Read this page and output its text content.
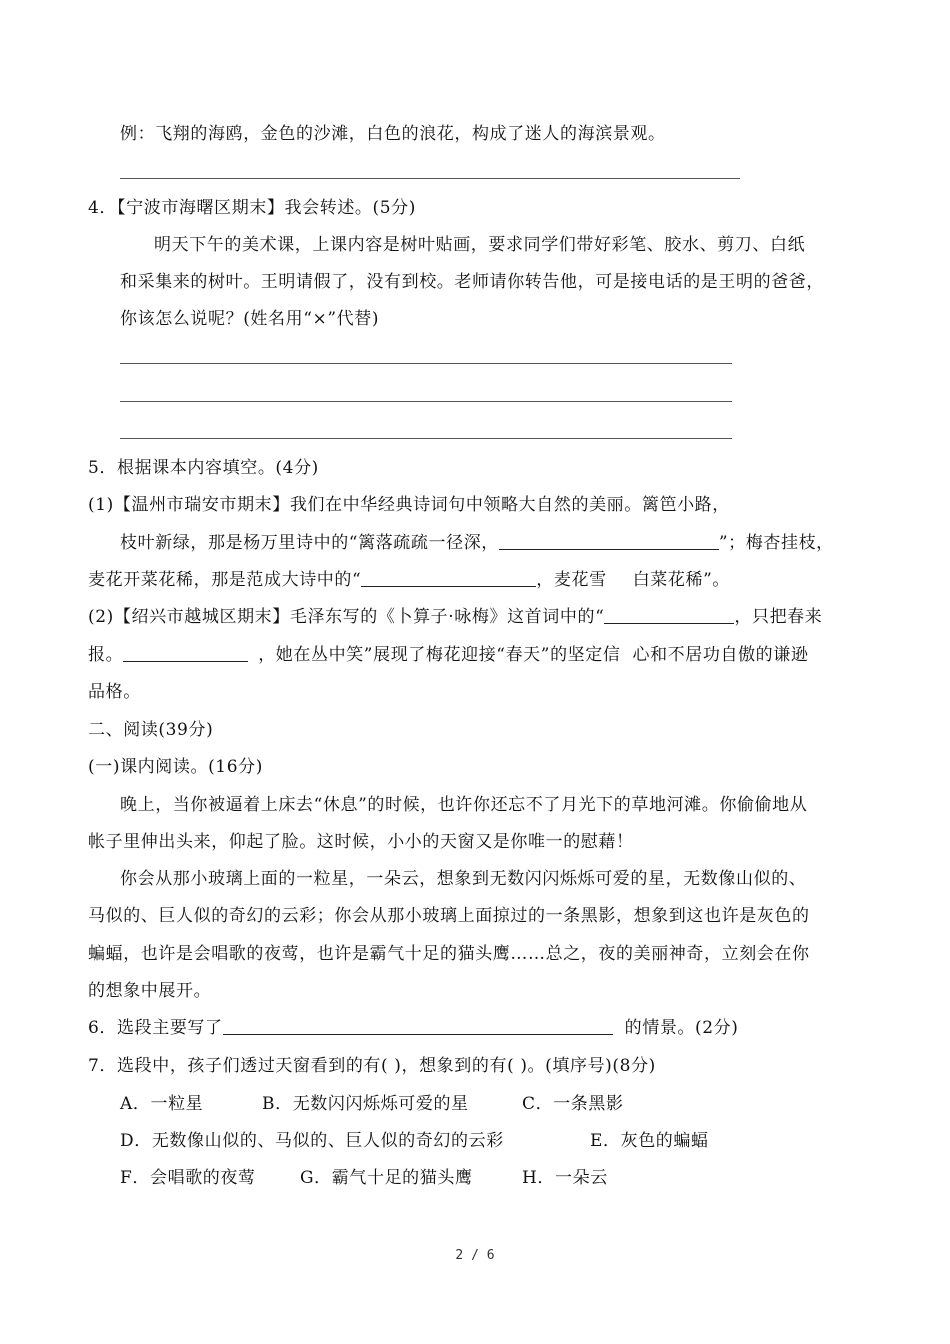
例：飞翔的海鸥，金色的沙滩，白色的浪花，构成了迷人的海滨景观。
4．【宁波市海曙区期末】我会转述。(5分)
明天下午的美术课，上课内容是树叶贴画，要求同学们带好彩笔、胶水、剪刀、白纸
和采集来的树叶。王明请假了，没有到校。老师请你转告他，可是接电话的是王明的爸爸，
你该怎么说呢？(姓名用“×”代替)
5．根据课本内容填空。(4分)
(1)【温州市瑞安市期末】我们在中华经典诗词句中领略大自然的美丽。篱笆小路，
枝叶新绿，那是杨万里诗中的“篱落疏疏一径深，	”；梅杏挂枝，
麦花开菜花稀，那是范成大诗中的“	，麦花雪 白菜花稀”。
(2)【绍兴市越城区期末】毛泽东写的《卜算子·咏梅》这首词中的“	，只把春来
报。	，她在丛中笑”展现了梅花迎接“春天”的坚定信 心和不居功自傲的谦逊
品格。
二、阅读(39分)
(一)课内阅读。(16分)
晚上，当你被逼着上床去“休息”的时候，也许你还忘不了月光下的草地河滩。你偷偷地从
帐子里伸出头来，仰起了脸。这时候，小小的天窗又是你唯一的慰藉！
你会从那小玻璃上面的一粒星，一朵云，想象到无数闪闪烁烁可爱的星，无数像山似的、
马似的、巨人似的奇幻的云彩；你会从那小玻璃上面掠过的一条黑影，想象到这也许是灰色的
蝙蝠，也许是会唱歌的夜莺，也许是霸气十足的猫头鹰……总之，夜的美丽神奇，立刻会在你
的想象中展开。
6．选段主要写了	的情景。(2分)
7．选段中，孩子们透过天窗看到的有( )，想象到的有( )。(填序号)(8分)
A．一粒星	B．无数闪闪烁烁可爱的星	C．一条黑影
D．无数像山似的、马似的、巨人似的奇幻的云彩	E．灰色的蝙蝠
F．会唱歌的夜莺	G．霸气十足的猫头鹰	H．一朵云
2 / 6
